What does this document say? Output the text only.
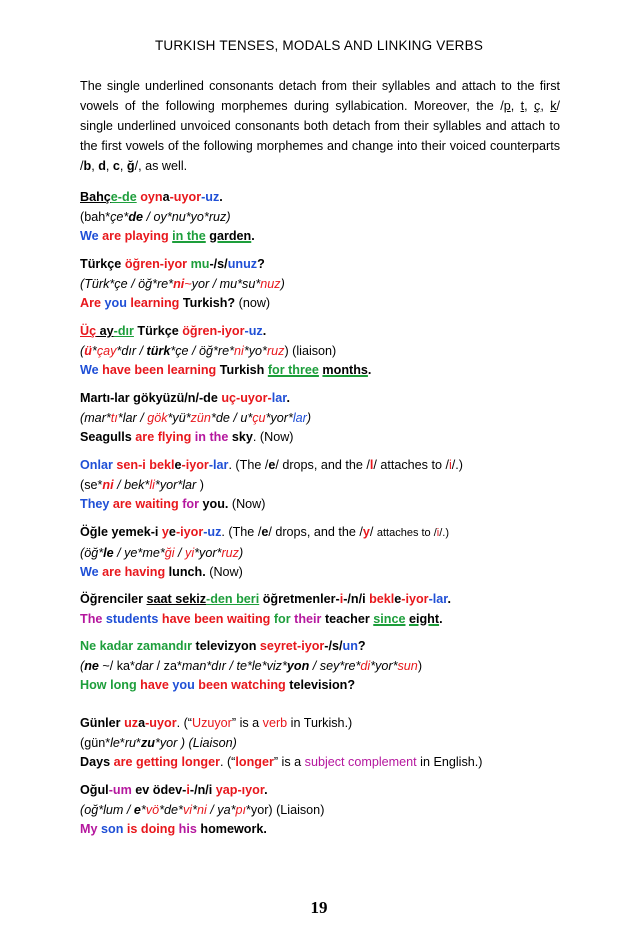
TURKISH TENSES, MODALS AND LINKING VERBS
The single underlined consonants detach from their syllables and attach to the first vowels of the following morphemes during syllabication. Moreover, the /p, t, ç, k/ single underlined unvoiced consonants both detach from their syllables and attach to the first vowels of the following morphemes and change into their voiced counterparts /b, d, c, ğ/, as well.
Bahçe-de oyna-uyor-uz.
(bah*çe*de / oy*nu*yo*ruz)
We are playing in the garden.
Türkçe öğren-iyor mu-/s/unuz?
(Türk*çe / öğ*re*ni~yor / mu*su*nuz)
Are you learning Turkish? (now)
Üç ay-dır Türkçe öğren-iyor-uz.
(ü*çay*dır / türk*çe / öğ*re*ni*yo*ruz) (liaison)
We have been learning Turkish for three months.
Martı-lar gökyüzü/n/-de uç-uyor-lar.
(mar*tı*lar / gök*yü*zün*de / u*çu*yor*lar)
Seagulls are flying in the sky. (Now)
Onlar sen-i bekle-iyor-lar. (The /e/ drops, and the /l/ attaches to /i/.)
(se*ni / bek*li*yor*lar )
They are waiting for you. (Now)
Öğle yemek-i ye-iyor-uz. (The /e/ drops, and the /y/ attaches to /i/.)
(öğ*le / ye*me*ği / yi*yor*ruz)
We are having lunch. (Now)
Öğrenciler saat sekiz-den beri öğretmenler-i-/n/i bekle-iyor-lar.
The students have been waiting for their teacher since eight.
Ne kadar zamandır televizyon seyret-iyor-/s/un?
(ne ~/ ka*dar / za*man*dır / te*le*viz*yon / sey*re*di*yor*sun)
How long have you been watching television?
Günler uza-uyor. (“Uzuyor” is a verb in Turkish.)
(gün*le*ru*zu*yor ) (Liaison)
Days are getting longer. (“longer” is a subject complement in English.)
Oğul-um ev ödev-i-/n/i yap-ıyor.
(oğ*lum / e*vö*de*vi*ni / ya*pı*yor) (Liaison)
My son is doing his homework.
19
